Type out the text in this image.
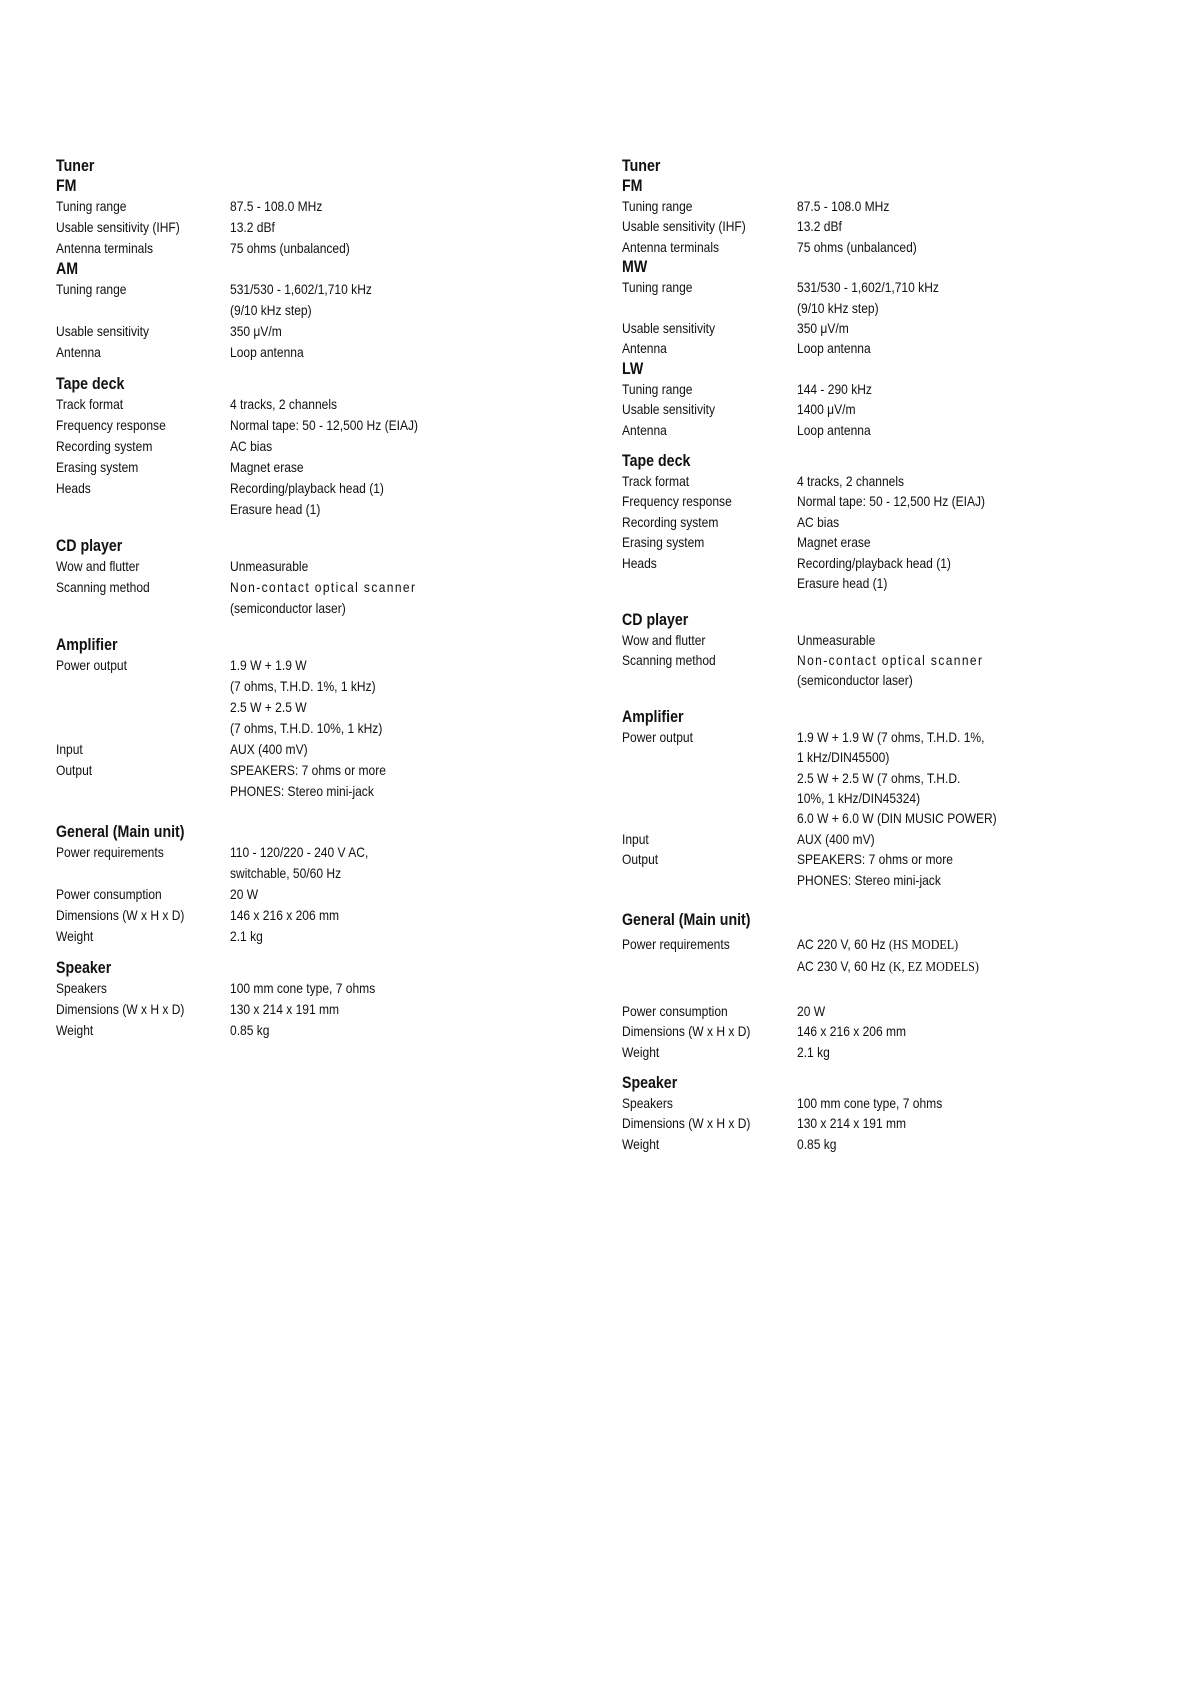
Tuner
FM
Tuning range	87.5 - 108.0 MHz
Usable sensitivity (IHF)	13.2 dBf
Antenna terminals	75 ohms (unbalanced)
AM
Tuning range	531/530 - 1,602/1,710 kHz
(9/10 kHz step)
Usable sensitivity	350 μV/m
Antenna	Loop antenna
Tape deck
Track format	4 tracks, 2 channels
Frequency response	Normal tape: 50 - 12,500 Hz (EIAJ)
Recording system	AC bias
Erasing system	Magnet erase
Heads	Recording/playback head (1)
Erasure head (1)
CD player
Wow and flutter	Unmeasurable
Scanning method	Non-contact optical scanner
(semiconductor laser)
Amplifier
Power output	1.9 W + 1.9 W
(7 ohms, T.H.D. 1%, 1 kHz)
2.5 W + 2.5 W
(7 ohms, T.H.D. 10%, 1 kHz)
Input	AUX (400 mV)
Output	SPEAKERS: 7 ohms or more
PHONES: Stereo mini-jack
General (Main unit)
Power requirements	110 - 120/220 - 240 V AC,
switchable, 50/60 Hz
Power consumption	20 W
Dimensions (W x H x D)	146 x 216 x 206 mm
Weight	2.1 kg
Speaker
Speakers	100 mm cone type, 7 ohms
Dimensions (W x H x D)	130 x 214 x 191 mm
Weight	0.85 kg
Tuner
FM
Tuning range	87.5 - 108.0 MHz
Usable sensitivity (IHF)	13.2 dBf
Antenna terminals	75 ohms (unbalanced)
MW
Tuning range	531/530 - 1,602/1,710 kHz
(9/10 kHz step)
Usable sensitivity	350 μV/m
Antenna	Loop antenna
LW
Tuning range	144 - 290 kHz
Usable sensitivity	1400 μV/m
Antenna	Loop antenna
Tape deck
Track format	4 tracks, 2 channels
Frequency response	Normal tape: 50 - 12,500 Hz (EIAJ)
Recording system	AC bias
Erasing system	Magnet erase
Heads	Recording/playback head (1)
Erasure head (1)
CD player
Wow and flutter	Unmeasurable
Scanning method	Non-contact optical scanner
(semiconductor laser)
Amplifier
Power output	1.9 W + 1.9 W (7 ohms, T.H.D. 1%,
1 kHz/DIN45500)
2.5 W + 2.5 W (7 ohms, T.H.D.
10%, 1 kHz/DIN45324)
6.0 W + 6.0 W (DIN MUSIC POWER)
Input	AUX (400 mV)
Output	SPEAKERS: 7 ohms or more
PHONES: Stereo mini-jack
General (Main unit)
Power requirements	AC 220 V, 60 Hz (HS MODEL)
AC 230 V, 60 Hz (K, EZ MODELS)
Power consumption	20 W
Dimensions (W x H x D)	146 x 216 x 206 mm
Weight	2.1 kg
Speaker
Speakers	100 mm cone type, 7 ohms
Dimensions (W x H x D)	130 x 214 x 191 mm
Weight	0.85 kg
